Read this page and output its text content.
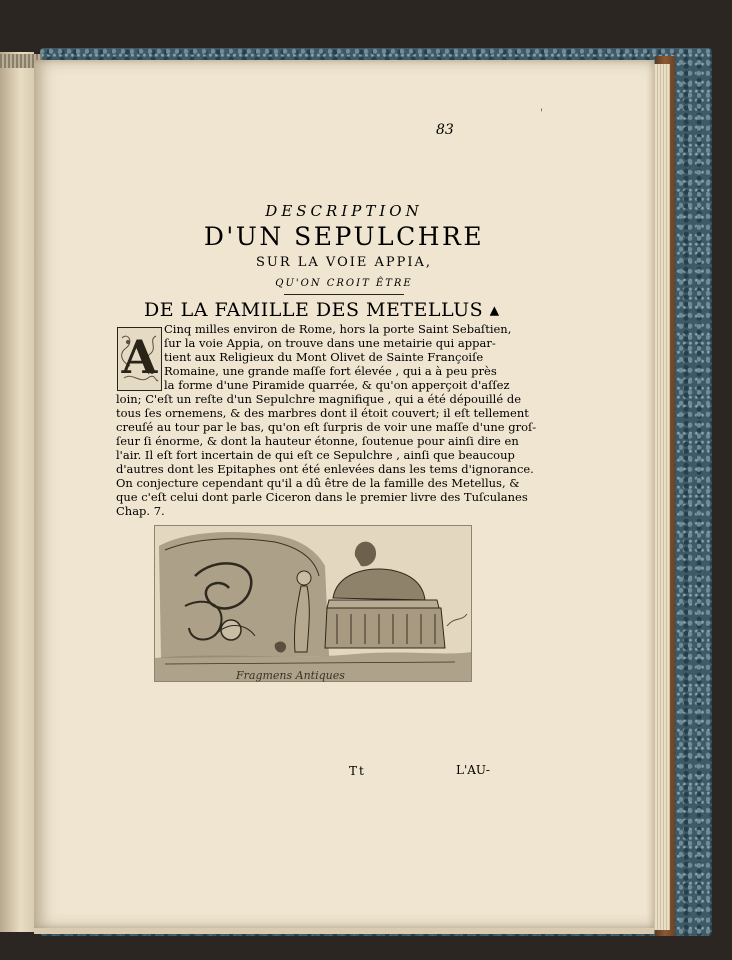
83
'
DESCRIPTION
D'UN SEPULCHRE
SUR LA VOIE APPIA,
QU'ON CROIT ÊTRE
DE LA FAMILLE DES METELLUS ▴
A
Cinq milles environ de Rome, hors la porte Saint Sebaſtien,
ſur la voie Appia, on trouve dans une metairie qui appar-
tient aux Religieux du Mont Olivet de Sainte Françoiſe
Romaine, une grande maſſe fort élevée , qui a à peu près
la forme d'une Piramide quarrée, & qu'on apperçoit d'aſſez
loin; C'eſt un reſte d'un Sepulchre magnifique , qui a été dépouillé de
tous ſes ornemens, & des marbres dont il étoit couvert; il eſt tellement
creuſé au tour par le bas, qu'on eſt ſurpris de voir une maſſe d'une groſ-
ſeur ſi énorme, & dont la hauteur étonne, ſoutenue pour ainſi dire en
l'air. Il eſt fort incertain de qui eſt ce Sepulchre , ainſi que beaucoup
d'autres dont les Epitaphes ont été enlevées dans les tems d'ignorance.
On conjecture cependant qu'il a dû être de la famille des Metellus, &
que c'eſt celui dont parle Ciceron dans le premier livre des Tuſculanes
Chap. 7.
Fragmens Antiques
Tt	L'AU-
